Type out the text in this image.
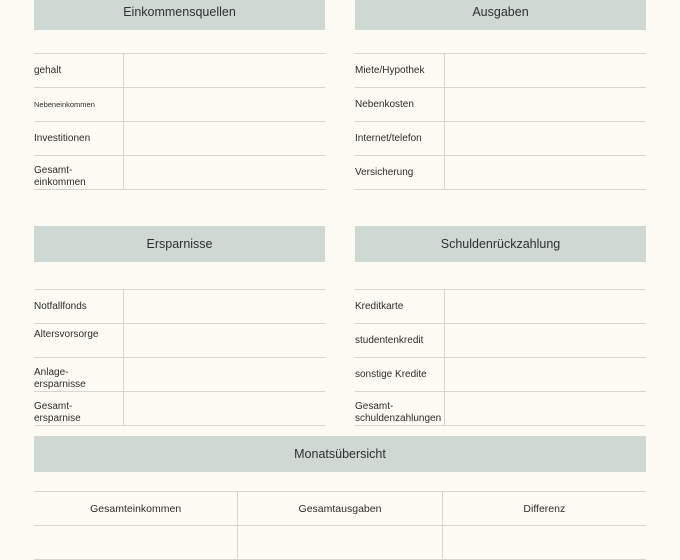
Einkommensquellen
gehalt
Nebeneinkommen
Investitionen
Gesamt-
einkommen
Ausgaben
Miete/Hypothek
Nebenkosten
Internet/telefon
Versicherung
Ersparnisse
Notfallfonds
Altersvorsorge
Anlage-
ersparnisse
Gesamt-
ersparnise
Schuldenrückzahlung
Kreditkarte
studentenkredit
sonstige Kredite
Gesamt-
schuldenzahlungen
Monatsübersicht
Gesamteinkommen	Gesamtausgaben	Differenz
